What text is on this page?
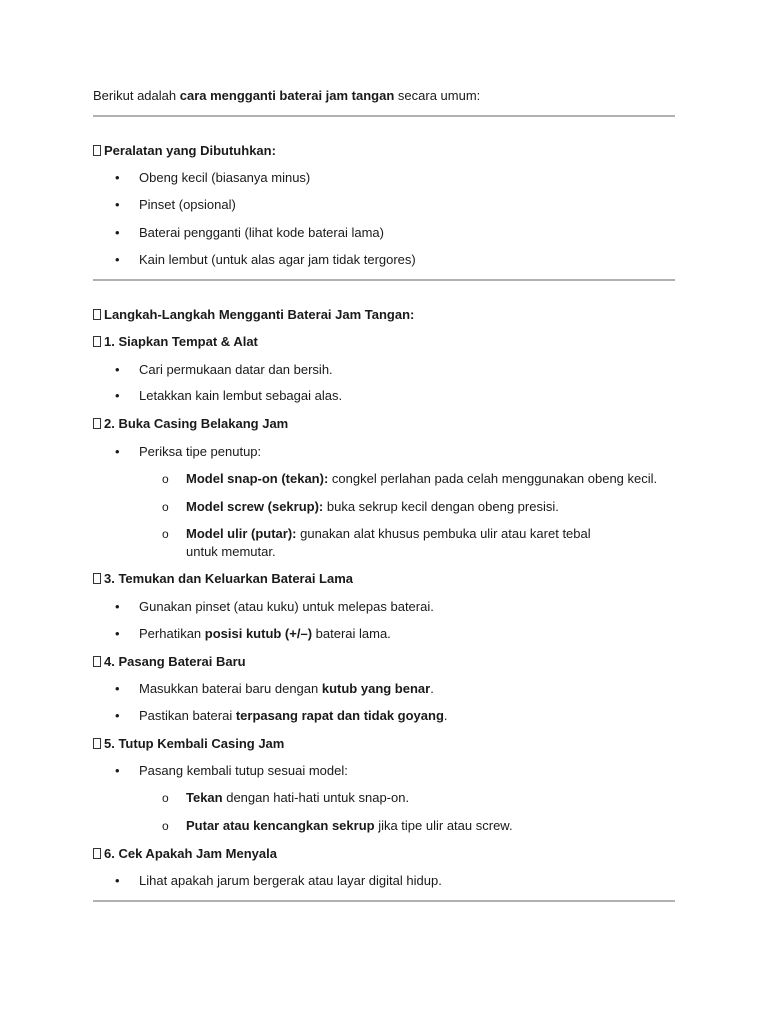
Berikut adalah cara mengganti baterai jam tangan secara umum:
Peralatan yang Dibutuhkan:
•
Obeng kecil (biasanya minus)
•
Pinset (opsional)
•
Baterai pengganti (lihat kode baterai lama)
•
Kain lembut (untuk alas agar jam tidak tergores)
Langkah-Langkah Mengganti Baterai Jam Tangan:
1. Siapkan Tempat & Alat
•
Cari permukaan datar dan bersih.
•
Letakkan kain lembut sebagai alas.
2. Buka Casing Belakang Jam
•
Periksa tipe penutup:
o
Model snap-on (tekan): congkel perlahan pada celah menggunakan obeng kecil.
o
Model screw (sekrup): buka sekrup kecil dengan obeng presisi.
o
Model ulir (putar): gunakan alat khusus pembuka ulir atau karet tebal untuk memutar.
3. Temukan dan Keluarkan Baterai Lama
•
Gunakan pinset (atau kuku) untuk melepas baterai.
•
Perhatikan posisi kutub (+/–) baterai lama.
4. Pasang Baterai Baru
•
Masukkan baterai baru dengan kutub yang benar.
•
Pastikan baterai terpasang rapat dan tidak goyang.
5. Tutup Kembali Casing Jam
•
Pasang kembali tutup sesuai model:
o
Tekan dengan hati-hati untuk snap-on.
o
Putar atau kencangkan sekrup jika tipe ulir atau screw.
6. Cek Apakah Jam Menyala
•
Lihat apakah jarum bergerak atau layar digital hidup.
